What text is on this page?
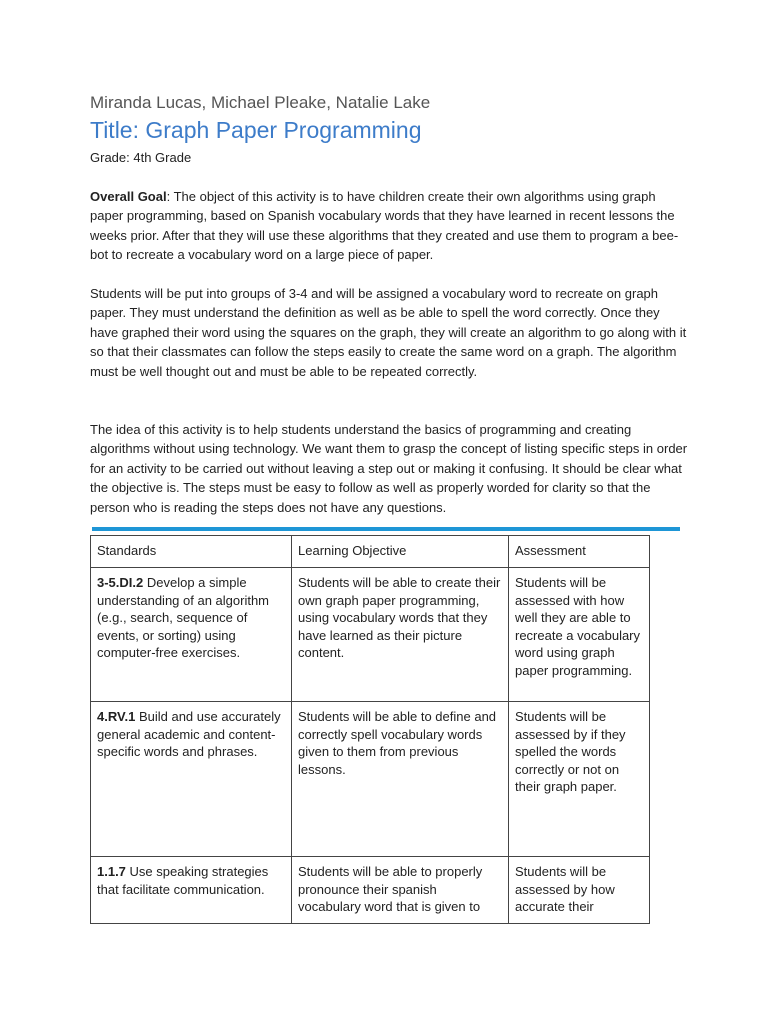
Miranda Lucas, Michael Pleake, Natalie Lake
Title: Graph Paper Programming
Grade: 4th Grade

Overall Goal: The object of this activity is to have children create their own algorithms using graph paper programming, based on Spanish vocabulary words that they have learned in recent lessons the weeks prior. After that they will use these algorithms that they created and use them to program a bee-bot to recreate a vocabulary word on a large piece of paper.

Students will be put into groups of 3-4 and will be assigned a vocabulary word to recreate on graph paper. They must understand the definition as well as be able to spell the word correctly. Once they have graphed their word using the squares on the graph, they will create an algorithm to go along with it so that their classmates can follow the steps easily to create the same word on a graph. The algorithm must be well thought out and must be able to be repeated correctly.

The idea of this activity is to help students understand the basics of programming and creating algorithms without using technology. We want them to grasp the concept of listing specific steps in order for an activity to be carried out without leaving a step out or making it confusing. It should be clear what the objective is. The steps must be easy to follow as well as properly worded for clarity so that the person who is reading the steps does not have any questions.

Standards	Learning Objective	Assessment
3-5.DI.2 Develop a simple understanding of an algorithm (e.g., search, sequence of events, or sorting) using computer-free exercises.	Students will be able to create their own graph paper programming, using vocabulary words that they have learned as their picture content.	Students will be assessed with how well they are able to recreate a vocabulary word using graph paper programming.
4.RV.1 Build and use accurately general academic and content-specific words and phrases.	Students will be able to define and correctly spell vocabulary words given to them from previous lessons.	Students will be assessed by if they spelled the words correctly or not on their graph paper.
1.1.7 Use speaking strategies that facilitate communication.	Students will be able to properly pronounce their spanish vocabulary word that is given to	Students will be assessed by how accurate their
